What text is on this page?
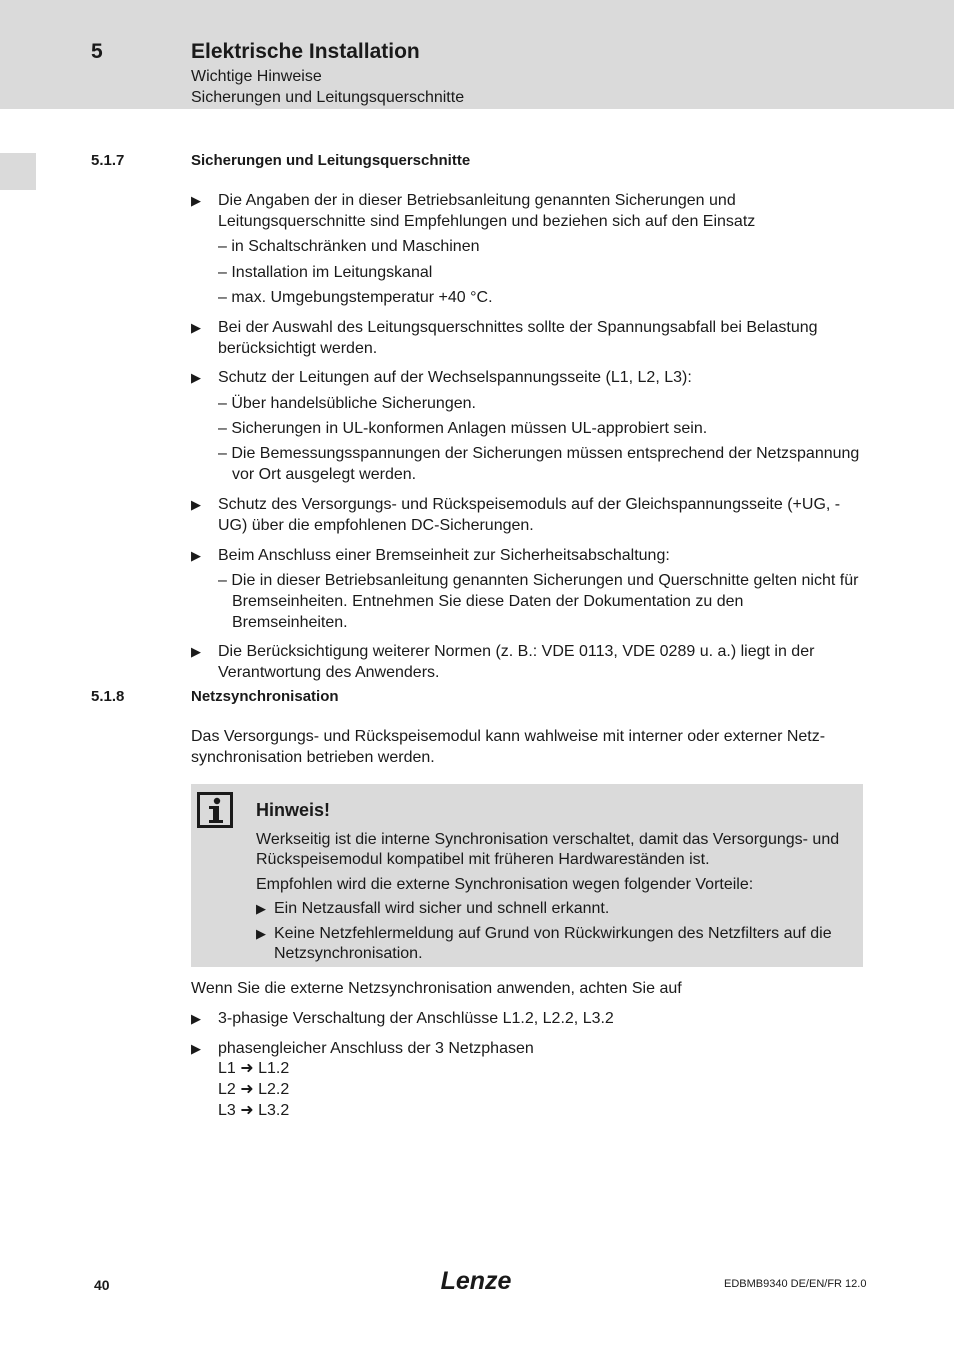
5	Elektrische Installation
Wichtige Hinweise
Sicherungen und Leitungsquerschnitte
5.1.7	Sicherungen und Leitungsquerschnitte
▶ Die Angaben der in dieser Betriebsanleitung genannten Sicherungen und Leitungsquerschnitte sind Empfehlungen und beziehen sich auf den Einsatz
– in Schaltschränken und Maschinen
– Installation im Leitungskanal
– max. Umgebungstemperatur +40 °C.
▶ Bei der Auswahl des Leitungsquerschnittes sollte der Spannungsabfall bei Belastung berücksichtigt werden.
▶ Schutz der Leitungen auf der Wechselspannungsseite (L1, L2, L3):
– Über handelsübliche Sicherungen.
– Sicherungen in UL-konformen Anlagen müssen UL-approbiert sein.
– Die Bemessungsspannungen der Sicherungen müssen entsprechend der Netzspannung vor Ort ausgelegt werden.
▶ Schutz des Versorgungs- und Rückspeisemoduls auf der Gleichspannungsseite (+UG, -UG) über die empfohlenen DC-Sicherungen.
▶ Beim Anschluss einer Bremseinheit zur Sicherheitsabschaltung:
– Die in dieser Betriebsanleitung genannten Sicherungen und Querschnitte gelten nicht für Bremseinheiten. Entnehmen Sie diese Daten der Dokumentation zu den Bremseinheiten.
▶ Die Berücksichtigung weiterer Normen (z. B.: VDE 0113, VDE 0289 u. a.) liegt in der Verantwortung des Anwenders.
5.1.8	Netzsynchronisation
Das Versorgungs- und Rückspeisemodul kann wahlweise mit interner oder externer Netz-synchronisation betrieben werden.
Hinweis!
Werkseitig ist die interne Synchronisation verschaltet, damit das Versorgungs- und Rückspeisemodul kompatibel mit früheren Hardwareständen ist.
Empfohlen wird die externe Synchronisation wegen folgender Vorteile:
▶ Ein Netzausfall wird sicher und schnell erkannt.
▶ Keine Netzfehlermeldung auf Grund von Rückwirkungen des Netzfilters auf die Netzsynchronisation.
Wenn Sie die externe Netzsynchronisation anwenden, achten Sie auf
▶ 3-phasige Verschaltung der Anschlüsse L1.2, L2.2, L3.2
▶ phasengleicher Anschluss der 3 Netzphasen
L1 ➜ L1.2
L2 ➜ L2.2
L3 ➜ L3.2
40	Lenze	EDBMB9340 DE/EN/FR 12.0
